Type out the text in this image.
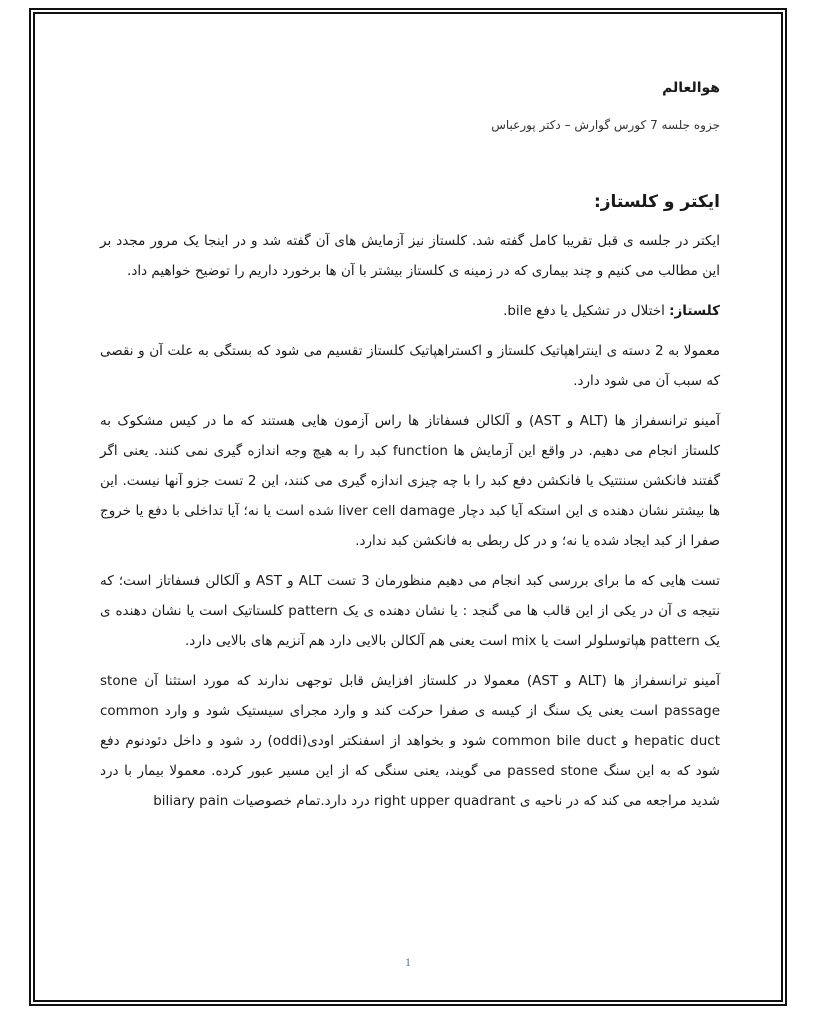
هوالعالم
جزوه جلسه 7 کورس گوارش – دکتر پورعباس
ایکتر و کلستاز:

ایکتر در جلسه ی قبل تقریبا کامل گفته شد. کلستاز نیز آزمایش های آن گفته شد و در اینجا یک مرور مجدد بر این مطالب می کنیم و چند بیماری که در زمینه ی کلستاز بیشتر با آن ها برخورد داریم را توضیح خواهیم داد.

کلستاز: اختلال در تشکیل یا دفع bile.

معمولا به 2 دسته ی اینتراهپاتیک کلستاز و اکستراهپاتیک کلستاز تقسیم می شود که بستگی به علت آن و نقصی که سبب آن می شود دارد.

آمینو ترانسفراز ها (ALT و AST) و آلکالن فسفاتاز ها راس آزمون هایی هستند که ما در کیس مشکوک به کلستاز انجام می دهیم. در واقع این آزمایش ها function کبد را به هیچ وجه اندازه گیری نمی کنند. یعنی اگر گفتند فانکشن سنتتیک یا فانکشن دفع کبد را با چه چیزی اندازه گیری می کنند، این 2 تست جزو آنها نیست. این ها بیشتر نشان دهنده ی این استکه آیا کبد دچار liver cell damage شده است یا نه؛ آیا تداخلی با دفع یا خروج صفرا از کبد ایجاد شده یا نه؛ و در کل ربطی به فانکشن کبد ندارد.

تست هایی که ما برای بررسی کبد انجام می دهیم منظورمان 3 تست ALT و AST و آلکالن فسفاتاز است؛ که نتیجه ی آن در یکی از این قالب ها می گنجد : یا نشان دهنده ی یک pattern کلستاتیک است یا نشان دهنده ی یک pattern هپاتوسلولر است یا mix است یعنی هم آلکالن بالایی دارد هم آنزیم های بالایی دارد.

آمینو ترانسفراز ها (ALT و AST) معمولا در کلستاز افزایش قابل توجهی ندارند که مورد استثنا آن stone passage است یعنی یک سنگ از کیسه ی صفرا حرکت کند و وارد مجرای سیستیک شود و وارد common hepatic duct و common bile duct شود و بخواهد از اسفنکتر اودی(oddi) رد شود و داخل دئودنوم دفع شود که به این سنگ passed stone می گویند، یعنی سنگی که از این مسیر عبور کرده. معمولا بیمار با درد شدید مراجعه می کند که در ناحیه ی right upper quadrant درد دارد.تمام خصوصیات biliary pain

1
